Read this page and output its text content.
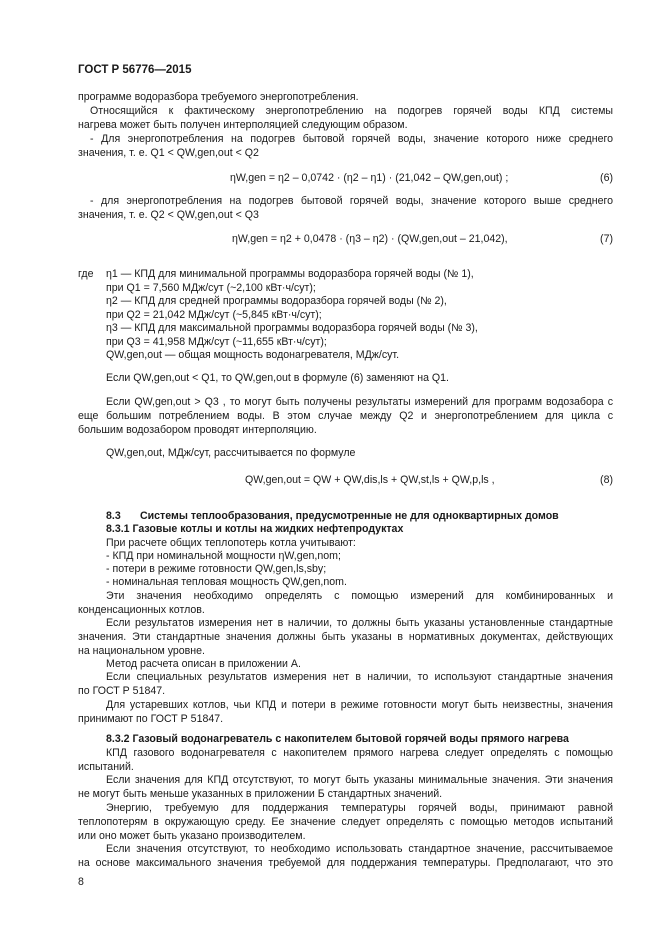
ГОСТ Р 56776—2015
программе водоразбора требуемого энергопотребления.
Относящийся к фактическому энергопотреблению на подогрев горячей воды КПД системы
нагрева может быть получен интерполяцией следующим образом.
- Для энергопотребления на подогрев бытовой горячей воды, значение которого ниже среднего
значения, т. е. Q1 < QW,gen,out < Q2
ηW,gen = η2 – 0,0742 · (η2 – η1) · (21,042 – QW,gen,out) ;	(6)
- для энергопотребления на подогрев бытовой горячей воды, значение которого выше среднего
значения, т. е. Q2 < QW,gen,out < Q3
ηW,gen = η2 + 0,0478 · (η3 – η2) · (QW,gen,out – 21,042),	(7)
где η1 — КПД для минимальной программы водоразбора горячей воды (№ 1),
при Q1 = 7,560 МДж/сут (~2,100 кВт·ч/сут);
η2 — КПД для средней программы водоразбора горячей воды (№ 2),
при Q2 = 21,042 МДж/сут (~5,845 кВт·ч/сут);
η3 — КПД для максимальной программы водоразбора горячей воды (№ 3),
при Q3 = 41,958 МДж/сут (~11,655 кВт·ч/сут);
QW,gen,out — общая мощность водонагревателя, МДж/сут.
Если QW,gen,out < Q1, то QW,gen,out в формуле (6) заменяют на Q1.
Если QW,gen,out > Q3 , то могут быть получены результаты измерений для программ водозабора с
еще большим потреблением воды. В этом случае между Q2 и энергопотреблением для цикла с
большим водозабором проводят интерполяцию.
QW,gen,out, МДж/сут, рассчитывается по формуле
QW,gen,out = QW + QW,dis,ls + QW,st,ls + QW,p,ls ,	(8)
8.3 Системы теплообразования, предусмотренные не для одноквартирных домов
8.3.1 Газовые котлы и котлы на жидких нефтепродуктах
При расчете общих теплопотерь котла учитывают:
- КПД при номинальной мощности ηW,gen,nom;
- потери в режиме готовности QW,gen,ls,sby;
- номинальная тепловая мощность QW,gen,nom.
Эти значения необходимо определять с помощью измерений для комбинированных и
конденсационных котлов.
Если результатов измерения нет в наличии, то должны быть указаны установленные стандартные
значения. Эти стандартные значения должны быть указаны в нормативных документах, действующих
на национальном уровне.
Метод расчета описан в приложении А.
Если специальных результатов измерения нет в наличии, то используют стандартные значения
по ГОСТ Р 51847.
Для устаревших котлов, чьи КПД и потери в режиме готовности могут быть неизвестны, значения
принимают по ГОСТ Р 51847.
8.3.2 Газовый водонагреватель с накопителем бытовой горячей воды прямого нагрева
КПД газового водонагревателя с накопителем прямого нагрева следует определять с помощью
испытаний.
Если значения для КПД отсутствуют, то могут быть указаны минимальные значения. Эти значения
не могут быть меньше указанных в приложении Б стандартных значений.
Энергию, требуемую для поддержания температуры горячей воды, принимают равной
теплопотерям в окружающую среду. Ее значение следует определять с помощью методов испытаний
или оно может быть указано производителем.
Если значения отсутствуют, то необходимо использовать стандартное значение, рассчитываемое
на основе максимального значения требуемой для поддержания температуры. Предполагают, что это
8
